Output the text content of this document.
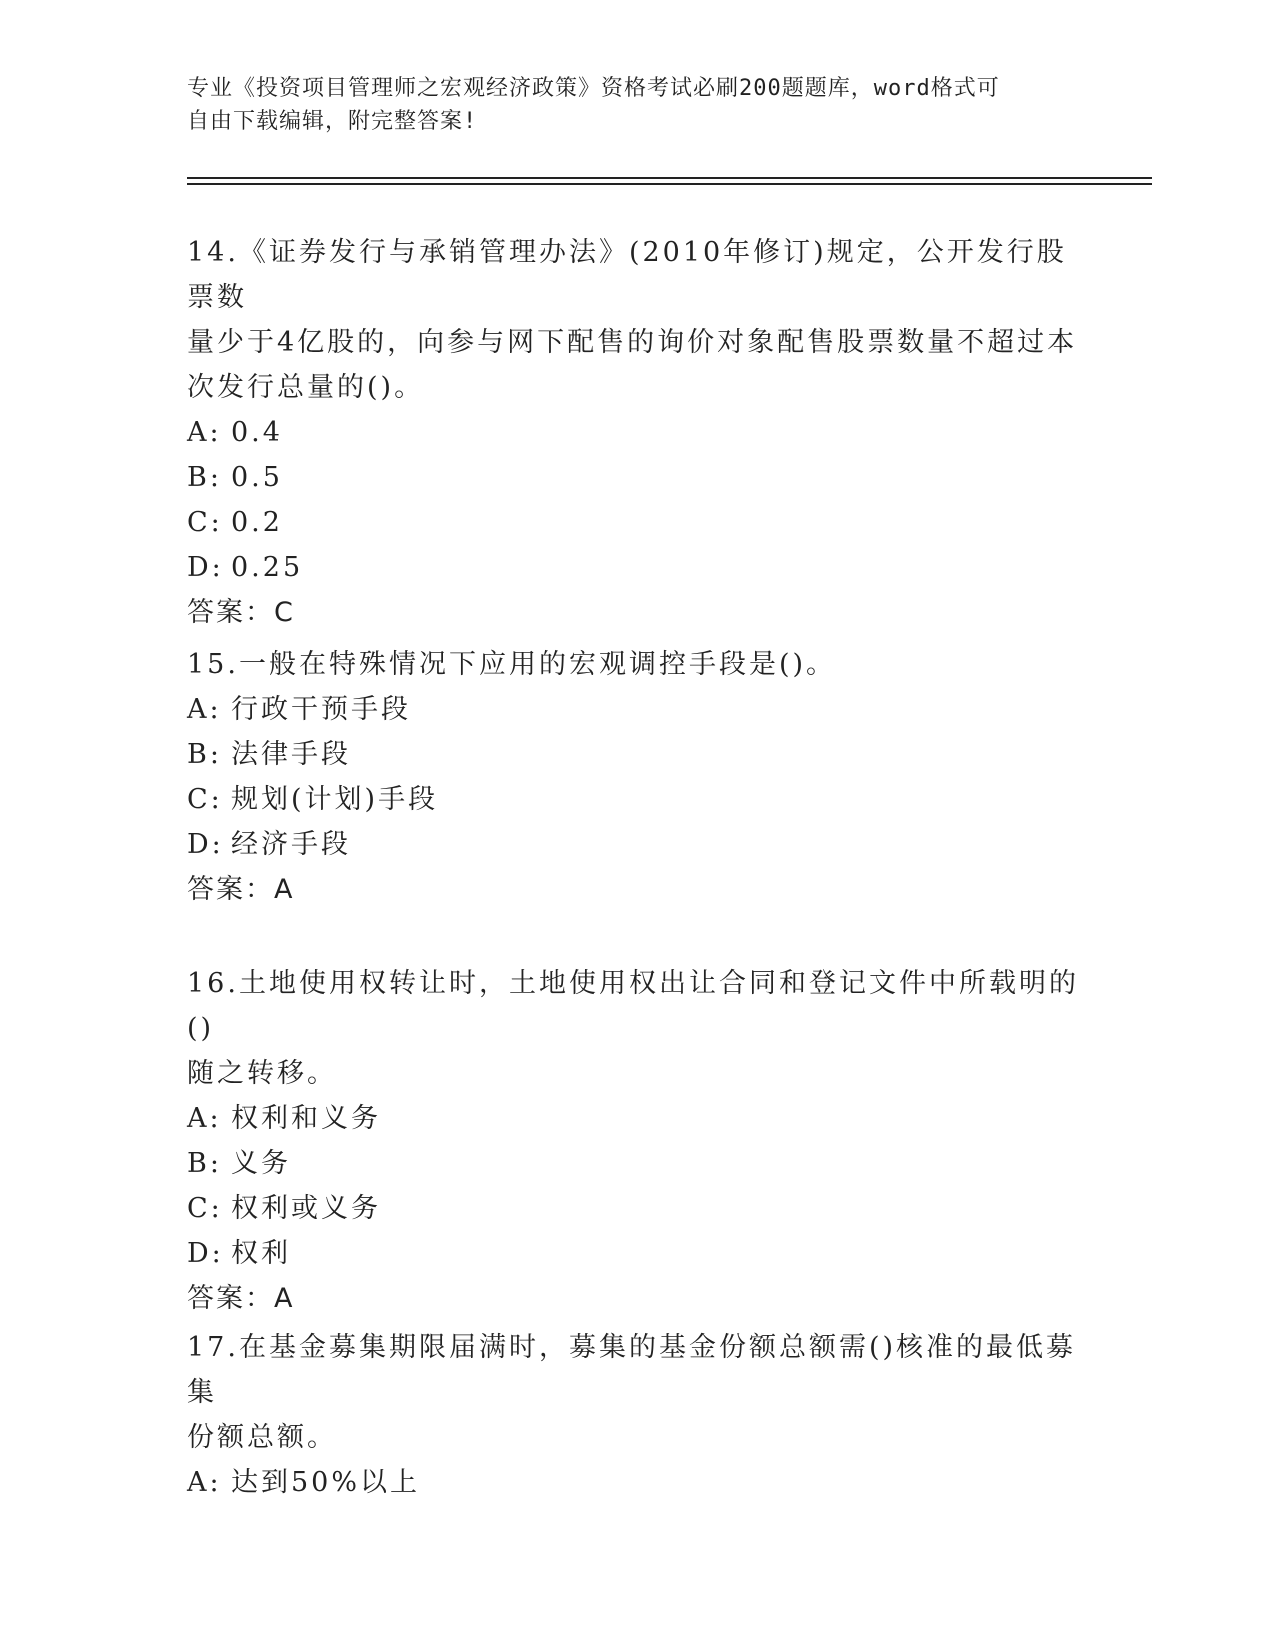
专业《投资项目管理师之宏观经济政策》资格考试必刷200题题库，word格式可
自由下载编辑，附完整答案!

14.《证券发行与承销管理办法》(2010年修订)规定，公开发行股票数

量少于4亿股的，向参与网下配售的询价对象配售股票数量不超过本

次发行总量的()。

A: 0.4

B: 0.5

C: 0.2

D: 0.25

答案：C

15.一般在特殊情况下应用的宏观调控手段是()。

A: 行政干预手段

B: 法律手段

C: 规划(计划)手段

D: 经济手段

答案：A

16.土地使用权转让时，土地使用权出让合同和登记文件中所载明的()

随之转移。

A: 权利和义务

B: 义务

C: 权利或义务

D: 权利

答案：A

17.在基金募集期限届满时，募集的基金份额总额需()核准的最低募集

份额总额。

A: 达到50%以上
